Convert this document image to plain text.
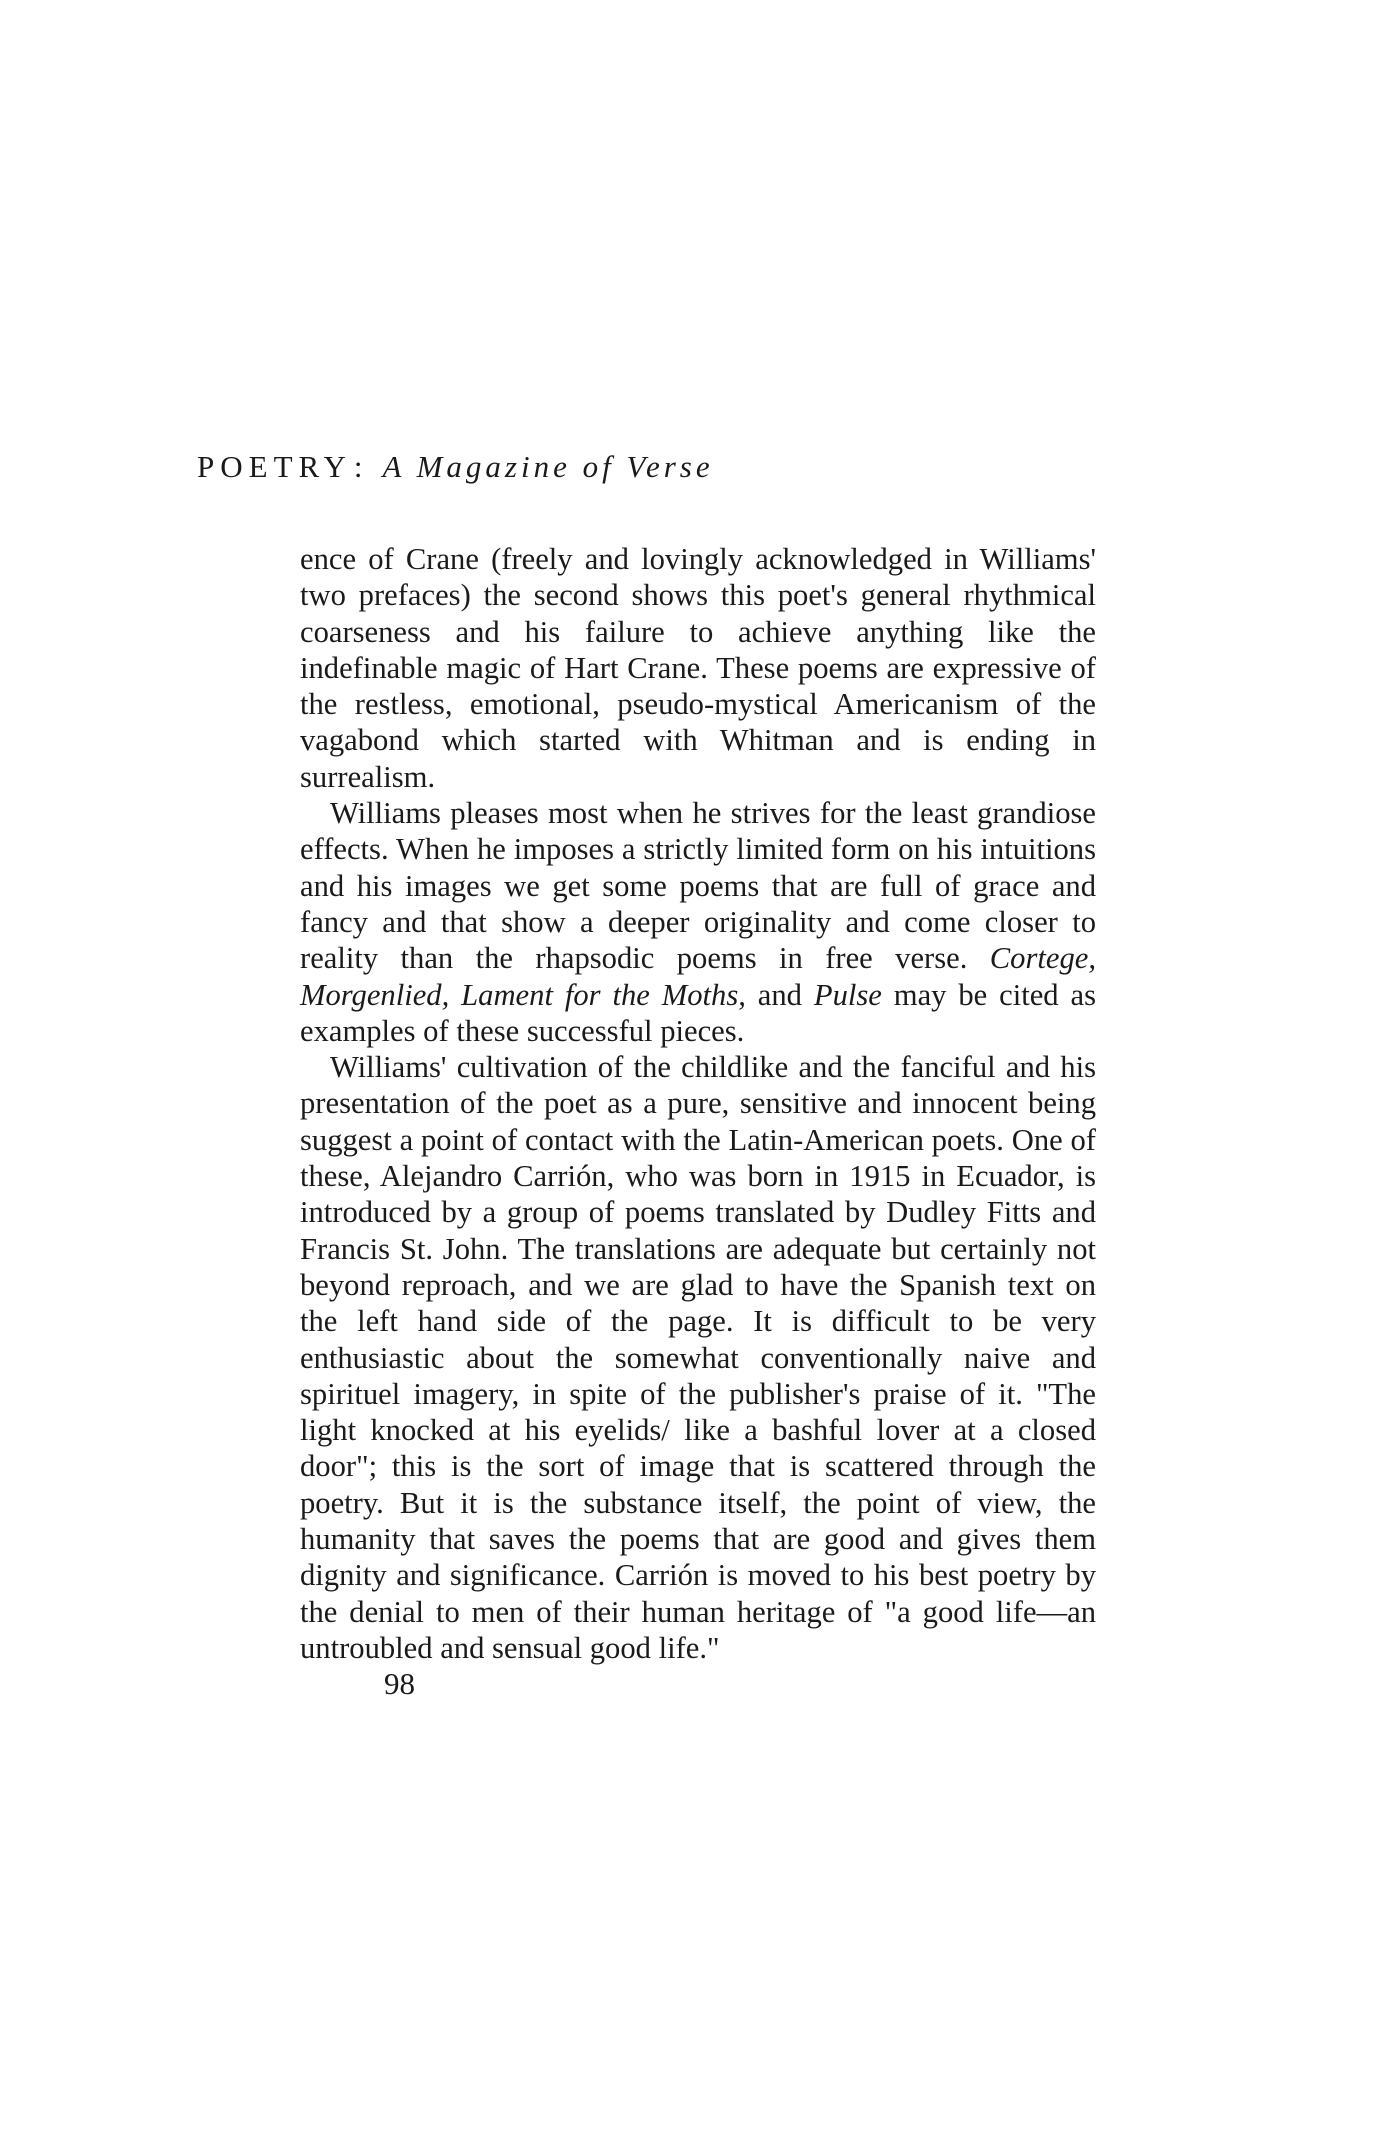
POETRY: A Magazine of Verse

ence of Crane (freely and lovingly acknowledged in Williams' two prefaces) the second shows this poet's general rhythmical coarseness and his failure to achieve anything like the indefinable magic of Hart Crane. These poems are expressive of the restless, emotional, pseudo-mystical Americanism of the vagabond which started with Whitman and is ending in surrealism.

Williams pleases most when he strives for the least grandiose effects. When he imposes a strictly limited form on his intuitions and his images we get some poems that are full of grace and fancy and that show a deeper originality and come closer to reality than the rhapsodic poems in free verse. Cortege, Morgenlied, Lament for the Moths, and Pulse may be cited as examples of these successful pieces.

Williams' cultivation of the childlike and the fanciful and his presentation of the poet as a pure, sensitive and innocent being suggest a point of contact with the Latin-American poets. One of these, Alejandro Carrión, who was born in 1915 in Ecuador, is introduced by a group of poems translated by Dudley Fitts and Francis St. John. The translations are adequate but certainly not beyond reproach, and we are glad to have the Spanish text on the left hand side of the page. It is difficult to be very enthusiastic about the somewhat conventionally naive and spirituel imagery, in spite of the publisher's praise of it. "The light knocked at his eyelids/ like a bashful lover at a closed door"; this is the sort of image that is scattered through the poetry. But it is the substance itself, the point of view, the humanity that saves the poems that are good and gives them dignity and significance. Carrión is moved to his best poetry by the denial to men of their human heritage of "a good life—an untroubled and sensual good life."

98
